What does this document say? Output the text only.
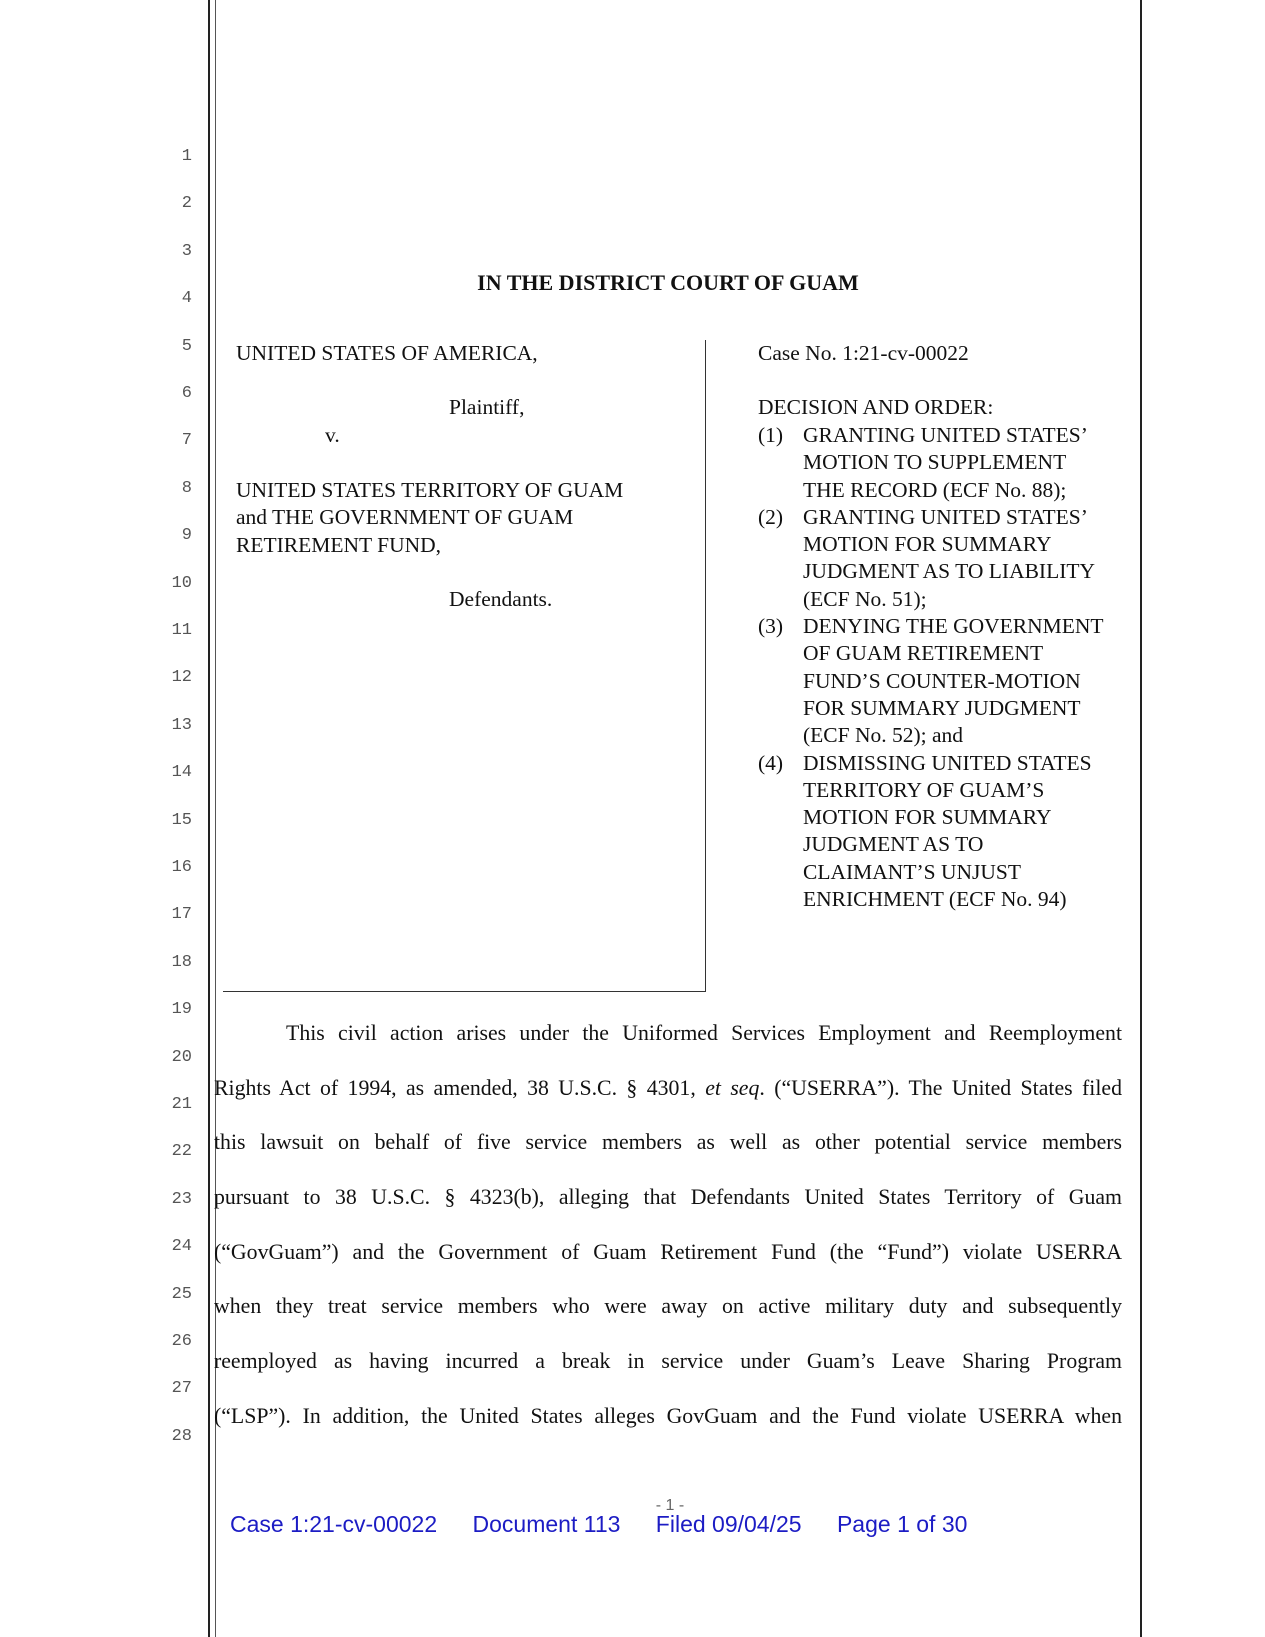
1
2
3
4
5
6
7
8
9
10
11
12
13
14
15
16
17
18
19
20
21
22
23
24
25
26
27
28
IN THE DISTRICT COURT OF GUAM
UNITED STATES OF AMERICA,
Plaintiff,
v.
UNITED STATES TERRITORY OF GUAM
and THE GOVERNMENT OF GUAM
RETIREMENT FUND,
Defendants.
Case No. 1:21-cv-00022
DECISION AND ORDER:
(1) GRANTING UNITED STATES’
MOTION TO SUPPLEMENT
THE RECORD (ECF No. 88);
(2) GRANTING UNITED STATES’
MOTION FOR SUMMARY
JUDGMENT AS TO LIABILITY
(ECF No. 51);
(3) DENYING THE GOVERNMENT
OF GUAM RETIREMENT
FUND’S COUNTER-MOTION
FOR SUMMARY JUDGMENT
(ECF No. 52); and
(4) DISMISSING UNITED STATES
TERRITORY OF GUAM’S
MOTION FOR SUMMARY
JUDGMENT AS TO
CLAIMANT’S UNJUST
ENRICHMENT (ECF No. 94)
This civil action arises under the Uniformed Services Employment and Reemployment
Rights Act of 1994, as amended, 38 U.S.C. § 4301, et seq. (“USERRA”). The United States filed
this lawsuit on behalf of five service members as well as other potential service members
pursuant to 38 U.S.C. § 4323(b), alleging that Defendants United States Territory of Guam
(“GovGuam”) and the Government of Guam Retirement Fund (the “Fund”) violate USERRA
when they treat service members who were away on active military duty and subsequently
reemployed as having incurred a break in service under Guam’s Leave Sharing Program
(“LSP”). In addition, the United States alleges GovGuam and the Fund violate USERRA when
- 1 -
Case 1:21-cv-00022 Document 113 Filed 09/04/25 Page 1 of 30
